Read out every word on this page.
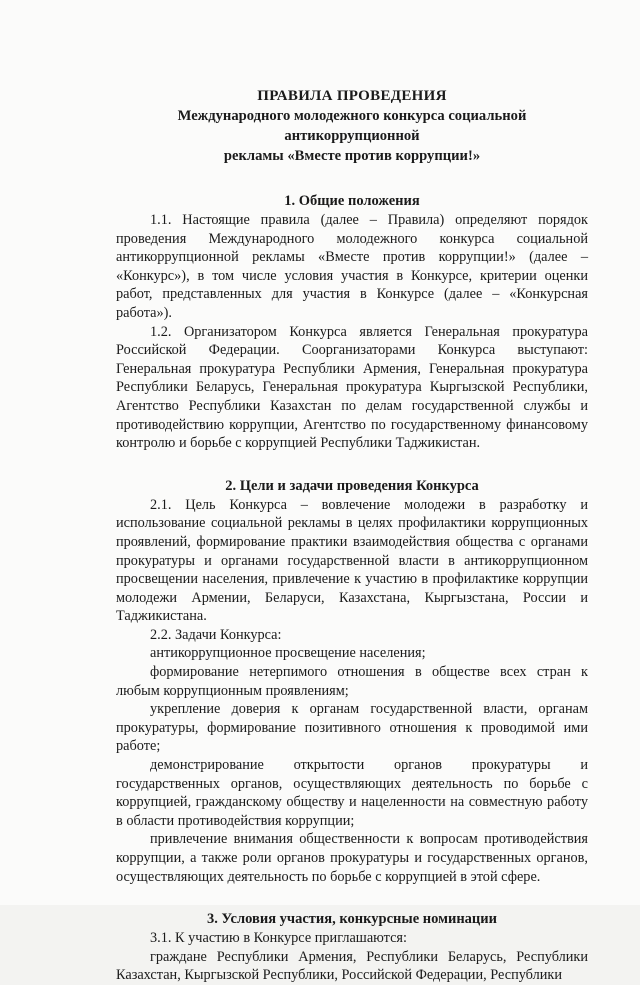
ПРАВИЛА ПРОВЕДЕНИЯ
Международного молодежного конкурса социальной антикоррупционной
рекламы «Вместе против коррупции!»
1. Общие положения

1.1. Настоящие правила (далее – Правила) определяют порядок проведения Международного молодежного конкурса социальной антикоррупционной рекламы «Вместе против коррупции!» (далее – «Конкурс»), в том числе условия участия в Конкурсе, критерии оценки работ, представленных для участия в Конкурсе (далее – «Конкурсная работа»).

1.2. Организатором Конкурса является Генеральная прокуратура Российской Федерации. Соорганизаторами Конкурса выступают: Генеральная прокуратура Республики Армения, Генеральная прокуратура Республики Беларусь, Генеральная прокуратура Кыргызской Республики, Агентство Республики Казахстан по делам государственной службы и противодействию коррупции, Агентство по государственному финансовому контролю и борьбе с коррупцией Республики Таджикистан.

2. Цели и задачи проведения Конкурса

2.1. Цель Конкурса – вовлечение молодежи в разработку и использование социальной рекламы в целях профилактики коррупционных проявлений, формирование практики взаимодействия общества с органами прокуратуры и органами государственной власти в антикоррупционном просвещении населения, привлечение к участию в профилактике коррупции молодежи Армении, Беларуси, Казахстана, Кыргызстана, России и Таджикистана.

2.2. Задачи Конкурса:

антикоррупционное просвещение населения;

формирование нетерпимого отношения в обществе всех стран к любым коррупционным проявлениям;

укрепление доверия к органам государственной власти, органам прокуратуры, формирование позитивного отношения к проводимой ими работе;

демонстрирование открытости органов прокуратуры и государственных органов, осуществляющих деятельность по борьбе с коррупцией, гражданскому обществу и нацеленности на совместную работу в области противодействия коррупции;

привлечение внимания общественности к вопросам противодействия коррупции, а также роли органов прокуратуры и государственных органов, осуществляющих деятельность по борьбе с коррупцией в этой сфере.

3. Условия участия, конкурсные номинации

3.1. К участию в Конкурсе приглашаются:

граждане Республики Армения, Республики Беларусь, Республики Казахстан, Кыргызской Республики, Российской Федерации, Республики
